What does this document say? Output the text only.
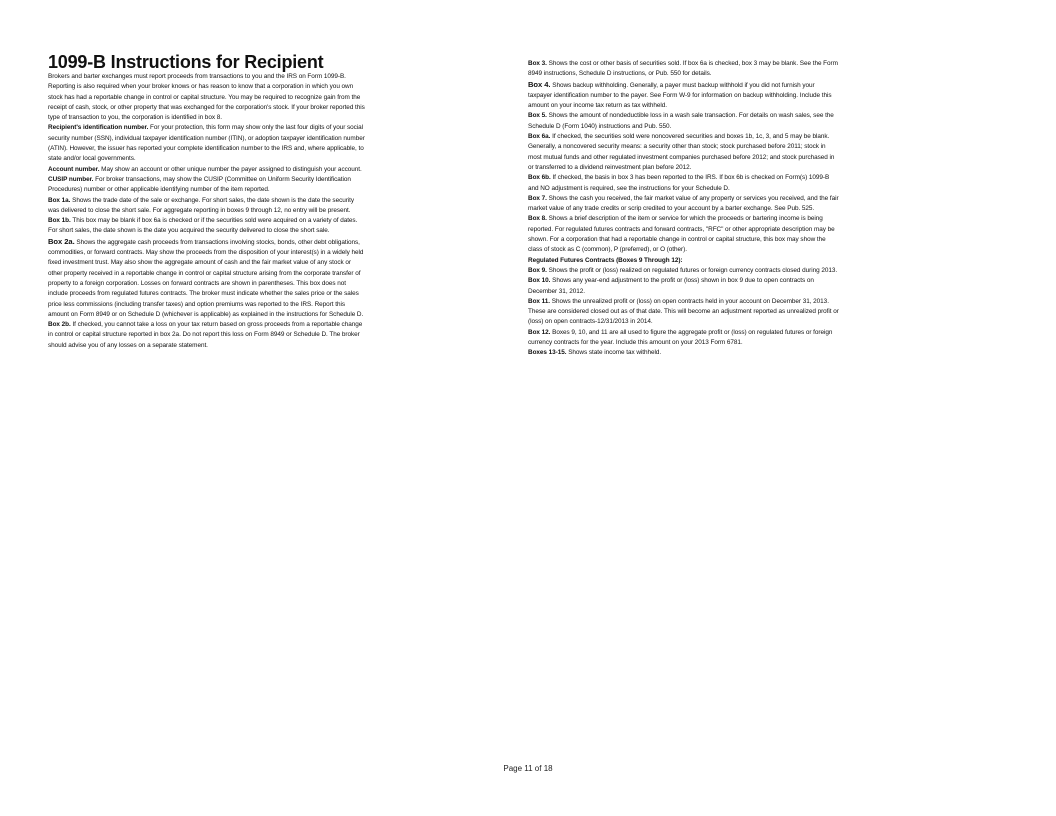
1099-B Instructions for Recipient

Brokers and barter exchanges must report proceeds from transactions to you and the IRS on Form 1099-B. Reporting is also required when your broker knows or has reason to know that a corporation in which you own stock has had a reportable change in control or capital structure. You may be required to recognize gain from the receipt of cash, stock, or other property that was exchanged for the corporation's stock. If your broker reported this type of transaction to you, the corporation is identified in box 8.

Recipient's identification number. For your protection, this form may show only the last four digits of your social security number (SSN), individual taxpayer identification number (ITIN), or adoption taxpayer identification number (ATIN). However, the issuer has reported your complete identification number to the IRS and, where applicable, to state and/or local governments.

Account number. May show an account or other unique number the payer assigned to distinguish your account.

CUSIP number. For broker transactions, may show the CUSIP (Committee on Uniform Security Identification Procedures) number or other applicable identifying number of the item reported.

Box 1a. Shows the trade date of the sale or exchange. For short sales, the date shown is the date the security was delivered to close the short sale. For aggregate reporting in boxes 9 through 12, no entry will be present.

Box 1b. This box may be blank if box 6a is checked or if the securities sold were acquired on a variety of dates. For short sales, the date shown is the date you acquired the security delivered to close the short sale.

Box 2a. Shows the aggregate cash proceeds from transactions involving stocks, bonds, other debt obligations, commodities, or forward contracts. May show the proceeds from the disposition of your interest(s) in a widely held fixed investment trust. May also show the aggregate amount of cash and the fair market value of any stock or other property received in a reportable change in control or capital structure arising from the corporate transfer of property to a foreign corporation. Losses on forward contracts are shown in parentheses. This box does not include proceeds from regulated futures contracts. The broker must indicate whether the sales price or the sales price less commissions (including transfer taxes) and option premiums was reported to the IRS. Report this amount on Form 8949 or on Schedule D (whichever is applicable) as explained in the instructions for Schedule D.

Box 2b. If checked, you cannot take a loss on your tax return based on gross proceeds from a reportable change in control or capital structure reported in box 2a. Do not report this loss on Form 8949 or Schedule D. The broker should advise you of any losses on a separate statement.

Box 3. Shows the cost or other basis of securities sold. If box 6a is checked, box 3 may be blank. See the Form 8949 instructions, Schedule D instructions, or Pub. 550 for details.

Box 4. Shows backup withholding. Generally, a payer must backup withhold if you did not furnish your taxpayer identification number to the payer. See Form W-9 for information on backup withholding. Include this amount on your income tax return as tax withheld.

Box 5. Shows the amount of nondeductible loss in a wash sale transaction. For details on wash sales, see the Schedule D (Form 1040) instructions and Pub. 550.

Box 6a. If checked, the securities sold were noncovered securities and boxes 1b, 1c, 3, and 5 may be blank. Generally, a noncovered security means: a security other than stock; stock purchased before 2011; stock in most mutual funds and other regulated investment companies purchased before 2012; and stock purchased in or transferred to a dividend reinvestment plan before 2012.

Box 6b. If checked, the basis in box 3 has been reported to the IRS. If box 6b is checked on Form(s) 1099-B and NO adjustment is required, see the instructions for your Schedule D.

Box 7. Shows the cash you received, the fair market value of any property or services you received, and the fair market value of any trade credits or scrip credited to your account by a barter exchange. See Pub. 525.

Box 8. Shows a brief description of the item or service for which the proceeds or bartering income is being reported. For regulated futures contracts and forward contracts, "RFC" or other appropriate description may be shown. For a corporation that had a reportable change in control or capital structure, this box may show the class of stock as C (common), P (preferred), or O (other).

Regulated Futures Contracts (Boxes 9 Through 12):

Box 9. Shows the profit or (loss) realized on regulated futures or foreign currency contracts closed during 2013.

Box 10. Shows any year-end adjustment to the profit or (loss) shown in box 9 due to open contracts on December 31, 2012.

Box 11. Shows the unrealized profit or (loss) on open contracts held in your account on December 31, 2013. These are considered closed out as of that date. This will become an adjustment reported as unrealized profit or (loss) on open contracts-12/31/2013 in 2014.

Box 12. Boxes 9, 10, and 11 are all used to figure the aggregate profit or (loss) on regulated futures or foreign currency contracts for the year. Include this amount on your 2013 Form 6781.

Boxes 13-15. Shows state income tax withheld.

Page 11 of 18
